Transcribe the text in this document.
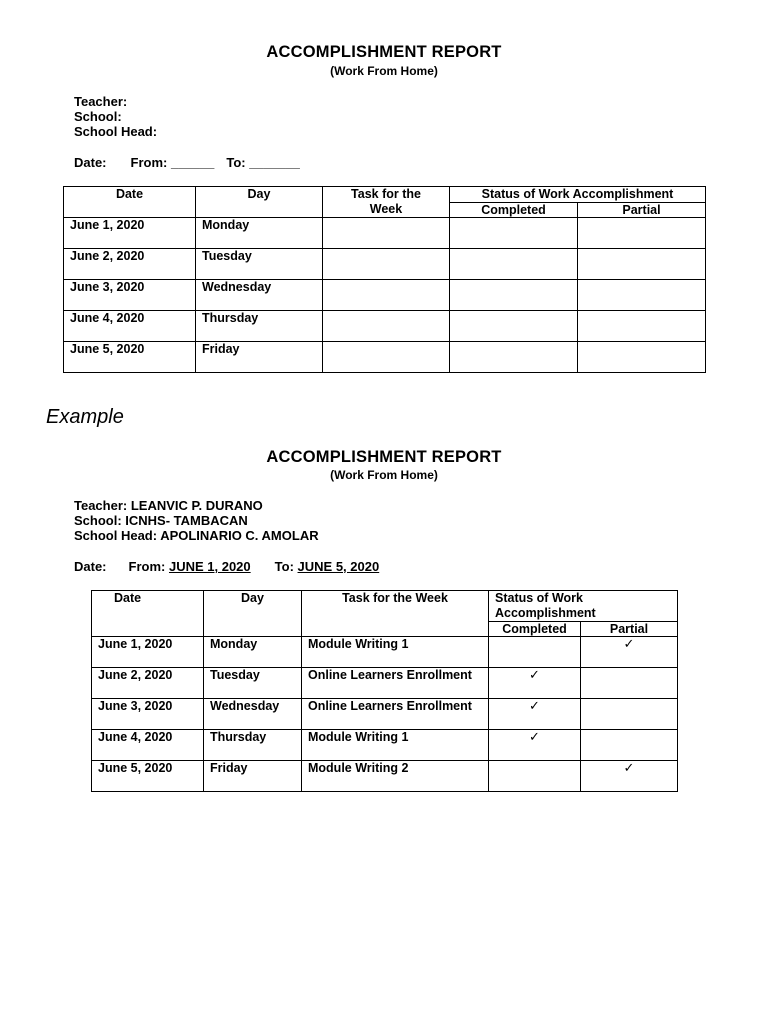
ACCOMPLISHMENT REPORT
(Work From Home)
Teacher:
School:
School Head:
Date: From: ______ To: _______
Date	Day	Task for the Week	Status of Work Accomplishment	
			Completed	Partial
June 1, 2020	Monday			
June 2, 2020	Tuesday			
June 3, 2020	Wednesday			
June 4, 2020	Thursday			
June 5, 2020	Friday			
Example
ACCOMPLISHMENT REPORT
(Work From Home)
Teacher: LEANVIC P. DURANO
School: ICNHS- TAMBACAN
School Head: APOLINARIO C. AMOLAR
Date: From: JUNE 1, 2020 To: JUNE 5, 2020
Date	Day	Task for the Week	Status of Work Accomplishment	
			Completed	Partial
June 1, 2020	Monday	Module Writing 1		✓

June 2, 2020	Tuesday	Online Learners Enrollment	✓	

June 3, 2020	Wednesday	Online Learners Enrollment	✓	

June 4, 2020	Thursday	Module Writing 1	✓	

June 5, 2020	Friday	Module Writing 2		✓
